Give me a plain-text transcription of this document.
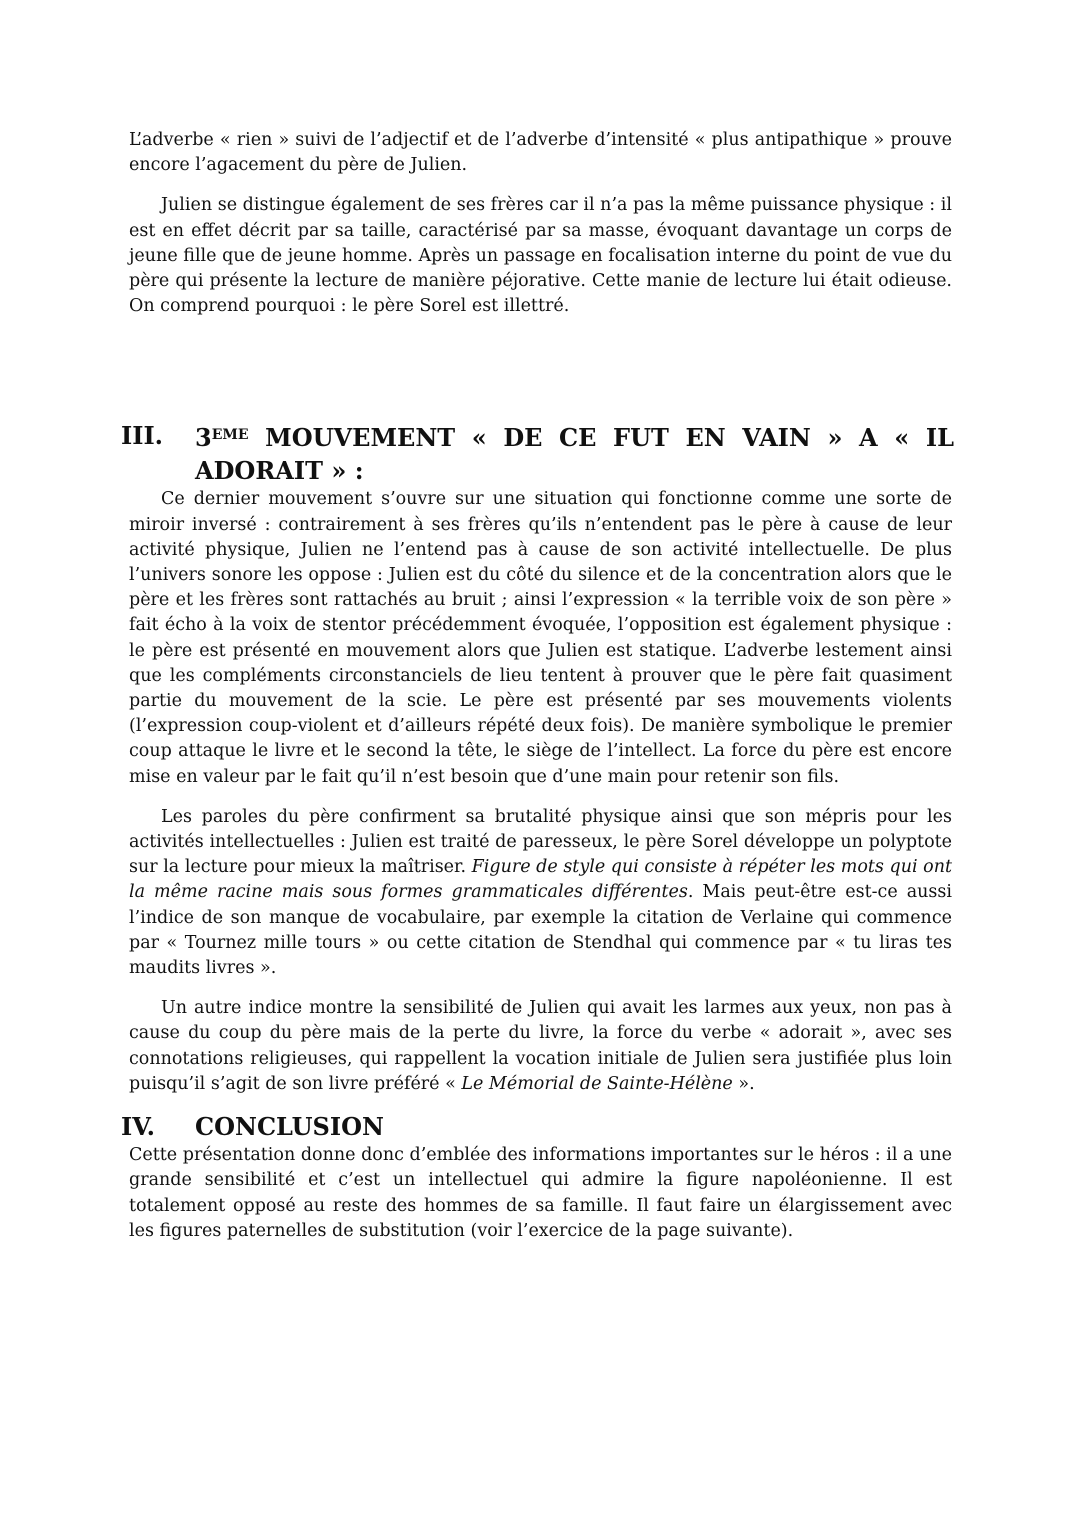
L’adverbe « rien » suivi de l’adjectif et de l’adverbe d’intensité « plus antipathique » prouve encore l’agacement du père de Julien.

Julien se distingue également de ses frères car il n’a pas la même puissance physique : il est en effet décrit par sa taille, caractérisé par sa masse, évoquant davantage un corps de jeune fille que de jeune homme. Après un passage en focalisation interne du point de vue du père qui présente la lecture de manière péjorative. Cette manie de lecture lui était odieuse. On comprend pourquoi : le père Sorel est illettré.

III.	3EME MOUVEMENT « DE CE FUT EN VAIN » A « IL ADORAIT » :

Ce dernier mouvement s’ouvre sur une situation qui fonctionne comme une sorte de miroir inversé : contrairement à ses frères qu’ils n’entendent pas le père à cause de leur activité physique, Julien ne l’entend pas à cause de son activité intellectuelle. De plus l’univers sonore les oppose : Julien est du côté du silence et de la concentration alors que le père et les frères sont rattachés au bruit ; ainsi l’expression « la terrible voix de son père » fait écho à la voix de stentor précédemment évoquée, l’opposition est également physique : le père est présenté en mouvement alors que Julien est statique. L’adverbe lestement ainsi que les compléments circonstanciels de lieu tentent à prouver que le père fait quasiment partie du mouvement de la scie. Le père est présenté par ses mouvements violents (l’expression coup-violent et d’ailleurs répété deux fois). De manière symbolique le premier coup attaque le livre et le second la tête, le siège de l’intellect. La force du père est encore mise en valeur par le fait qu’il n’est besoin que d’une main pour retenir son fils.

Les paroles du père confirment sa brutalité physique ainsi que son mépris pour les activités intellectuelles : Julien est traité de paresseux, le père Sorel développe un polyptote sur la lecture pour mieux la maîtriser. Figure de style qui consiste à répéter les mots qui ont la même racine mais sous formes grammaticales différentes. Mais peut-être est-ce aussi l’indice de son manque de vocabulaire, par exemple la citation de Verlaine qui commence par « Tournez mille tours » ou cette citation de Stendhal qui commence par « tu liras tes maudits livres ».

Un autre indice montre la sensibilité de Julien qui avait les larmes aux yeux, non pas à cause du coup du père mais de la perte du livre, la force du verbe « adorait », avec ses connotations religieuses, qui rappellent la vocation initiale de Julien sera justifiée plus loin puisqu’il s’agit de son livre préféré « Le Mémorial de Sainte-Hélène ».

IV.	CONCLUSION

Cette présentation donne donc d’emblée des informations importantes sur le héros : il a une grande sensibilité et c’est un intellectuel qui admire la figure napoléonienne. Il est totalement opposé au reste des hommes de sa famille. Il faut faire un élargissement avec les figures paternelles de substitution (voir l’exercice de la page suivante).
